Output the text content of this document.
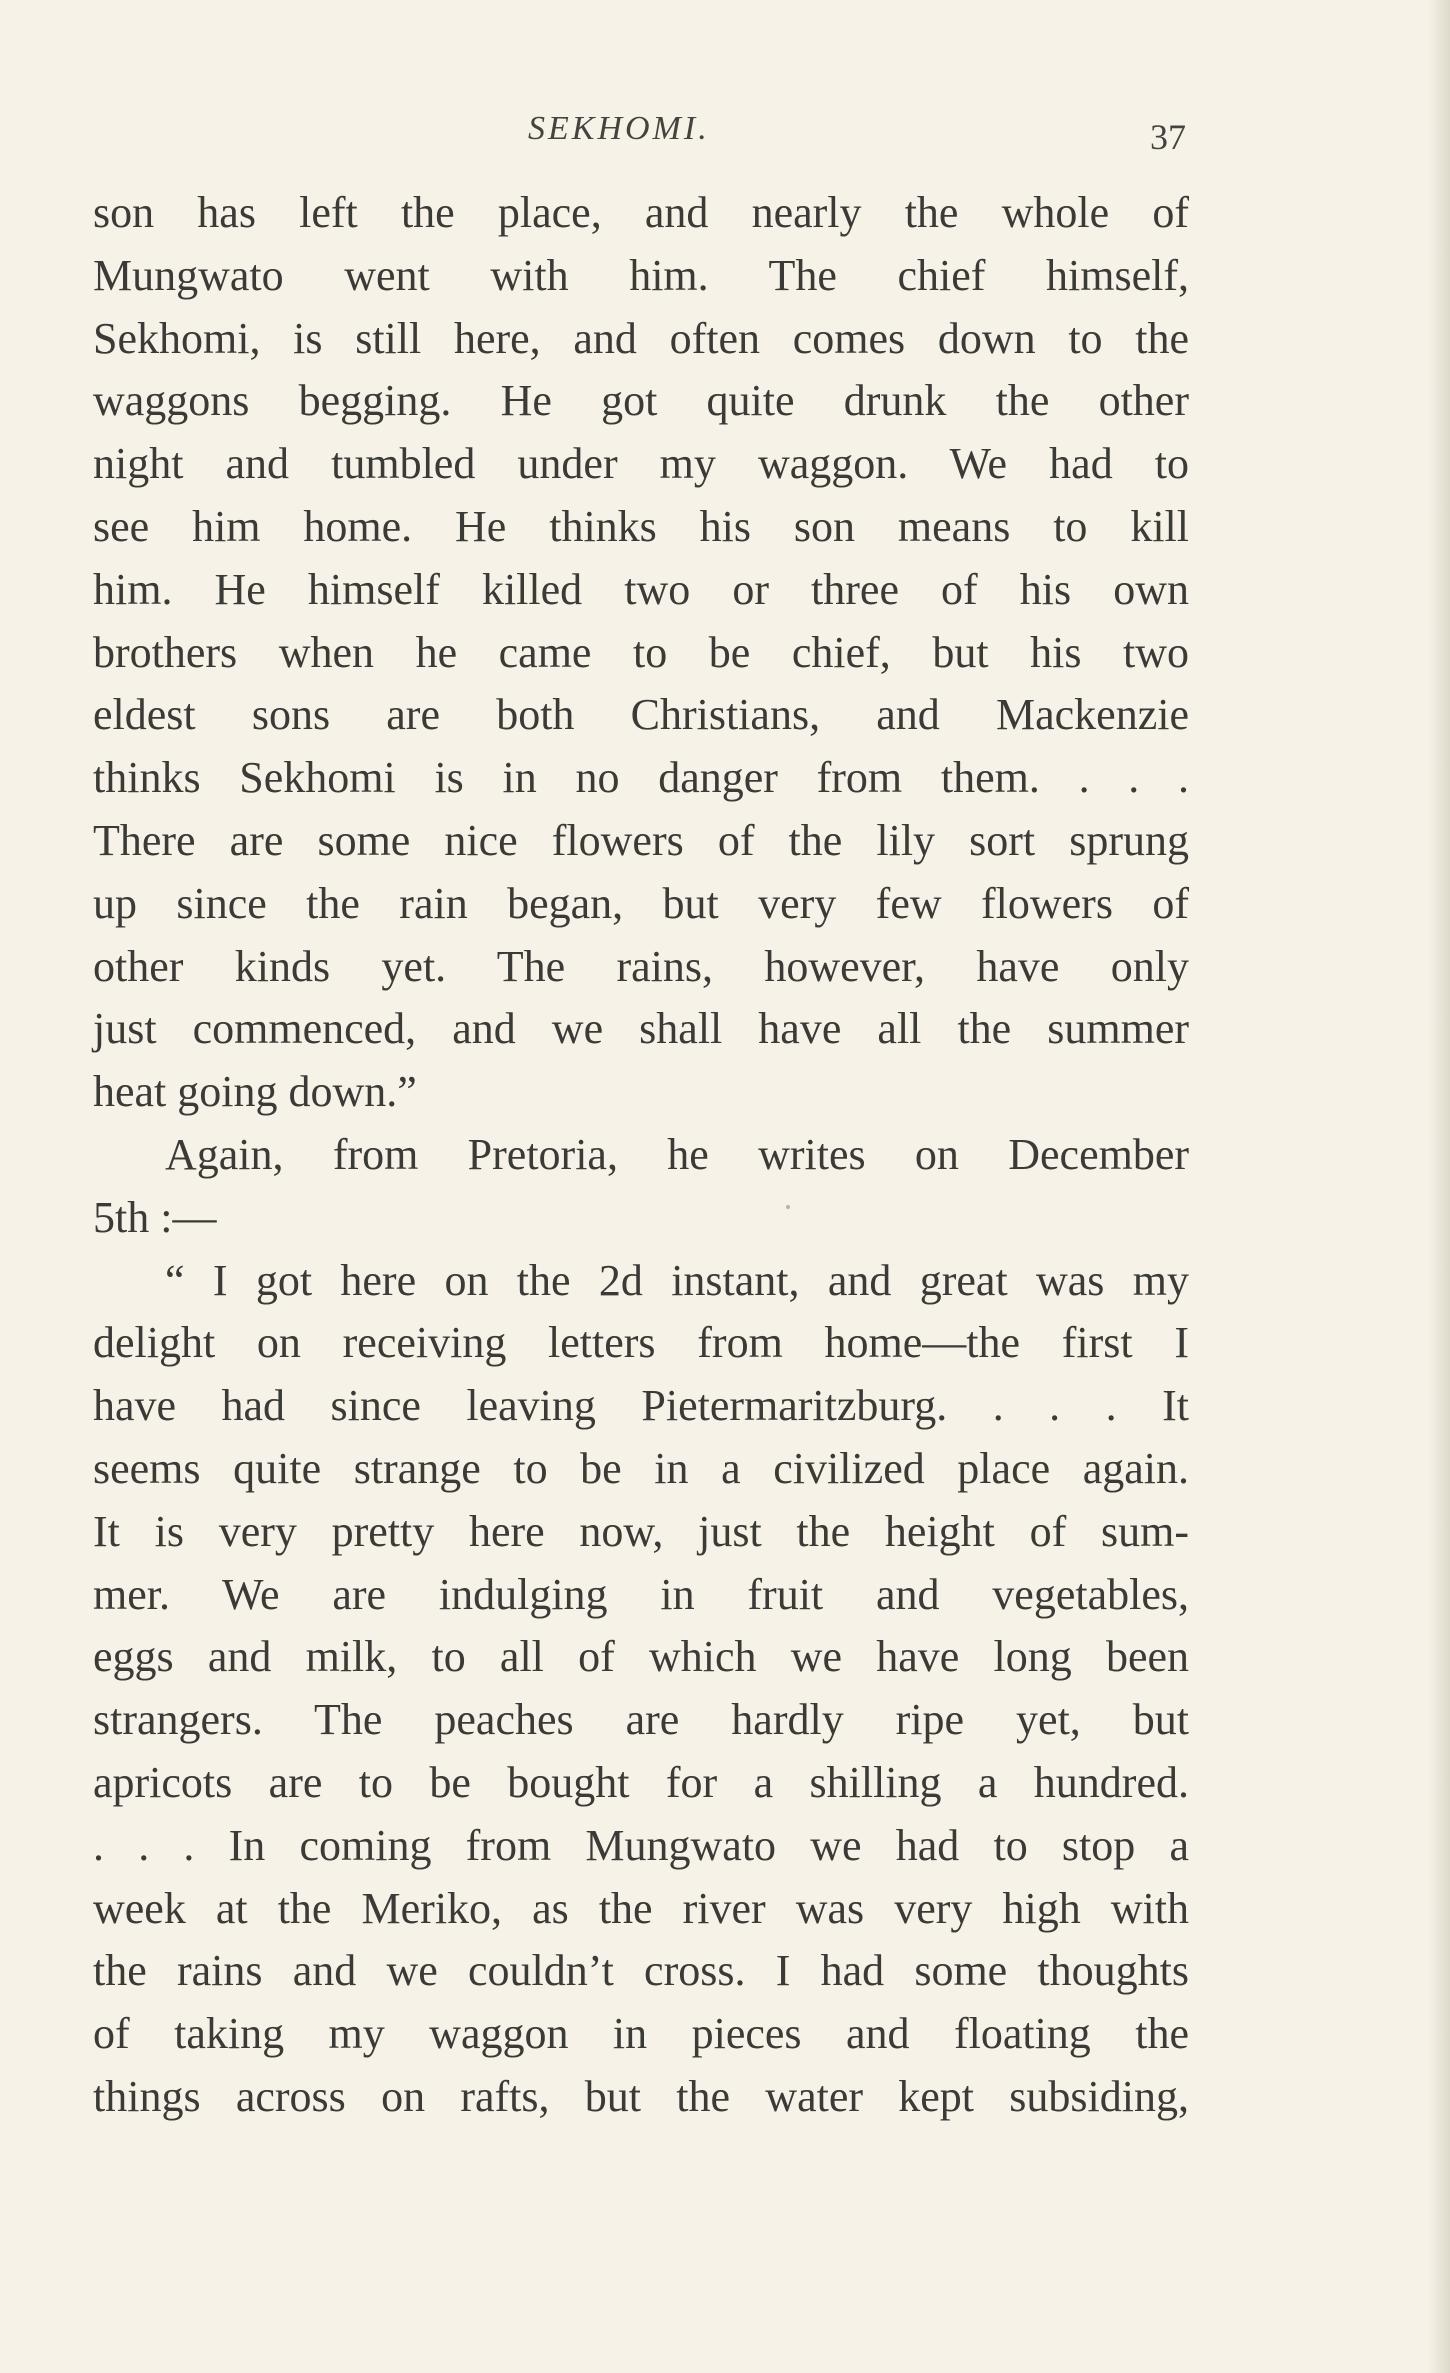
SEKHOMI.	37
son has left the place, and nearly the whole of
Mungwato went with him. The chief himself,
Sekhomi, is still here, and often comes down to the
waggons begging. He got quite drunk the other
night and tumbled under my waggon. We had to
see him home. He thinks his son means to kill
him. He himself killed two or three of his own
brothers when he came to be chief, but his two
eldest sons are both Christians, and Mackenzie
thinks Sekhomi is in no danger from them. . . .
There are some nice flowers of the lily sort sprung
up since the rain began, but very few flowers of
other kinds yet. The rains, however, have only
just commenced, and we shall have all the summer
heat going down.”
Again, from Pretoria, he writes on December
5th :—
“ I got here on the 2d instant, and great was my
delight on receiving letters from home—the first I
have had since leaving Pietermaritzburg. . . . It
seems quite strange to be in a civilized place again.
It is very pretty here now, just the height of sum-
mer. We are indulging in fruit and vegetables,
eggs and milk, to all of which we have long been
strangers. The peaches are hardly ripe yet, but
apricots are to be bought for a shilling a hundred.
. . . In coming from Mungwato we had to stop a
week at the Meriko, as the river was very high with
the rains and we couldn’t cross. I had some thoughts
of taking my waggon in pieces and floating the
things across on rafts, but the water kept subsiding,
